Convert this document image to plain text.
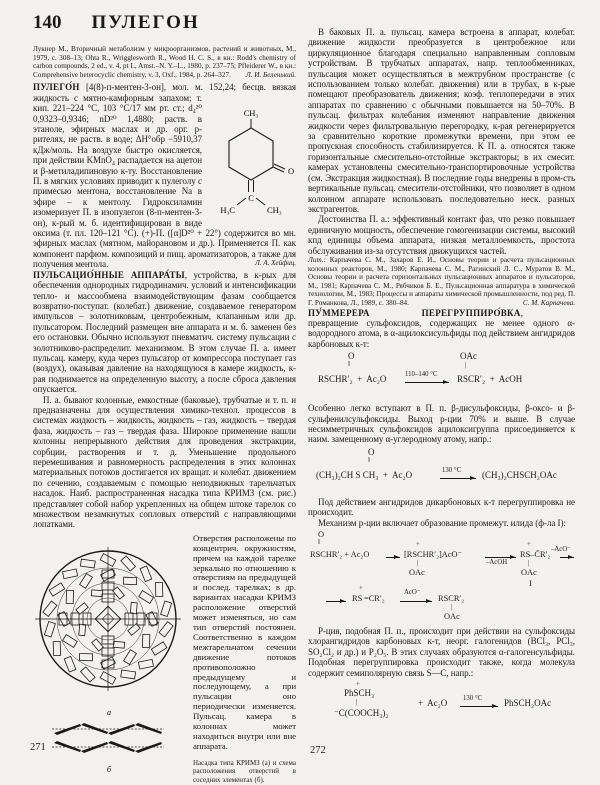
140 ПУЛЕГОН

Лукнер М., Вторичный метаболизм у микроорганизмов, растений и животных, М., 1979, с. 308–13; Ohta R., Wrigglesworth R., Wood H. C. S., в кн.: Rodd's chemistry of carbon compounds, 2 ed., v. 4, pt L, Amst.–N. Y.–L., 1980, p. 237–75; Pfleiderer W., в кн.: Comprehensive heterocyclic chemistry, v. 3, Oxf., 1984, p. 264–327. Л. И. Беленький.

ПУЛЕГО́Н [4(8)-п-ментен-3-он], мол. м. 152,24; бесцв. вязкая
CH₃
O
C
H₃C	CH₃
жидкость с мятно-камфорным запахом; т. кип. 221–224 °C, 103 °C/17 мм рт. ст.; d₄²⁰ 0,9323–0,9346; nD²⁰ 1,4880; раств. в этаноле, эфирных маслах и др. орг. р-рителях, не раств. в воде; ΔH°обр −5910,37 кДж/моль. На воздухе быстро окисляется, при действии KMnO₄ распадается на ацетон и β-метиладипиновую к-ту. Восстановление П. в мягких условиях приводит к пулеголу с примесью ментона, восстановление Na в эфире – к ментолу. Гидроксиламин изомеризует П. в изопулегон (8-п-ментен-3-он), к-рый м. б. идентифицирован в виде оксима (т. пл. 120–121 °C). (+)-П. ([α]D²⁰ + 22°) содержится во мн. эфирных маслах (мятном, майорановом и др.). Применяется П. как компонент парфюм. композиций и пищ. ароматизаторов, а также для получения ментола.	Л. А. Хейфиц.

ПУЛЬСАЦИО́ННЫЕ АППАРА́ТЫ, устройства, в к-рых для обеспечения однородных гидродинамич. условий и интенсификации тепло- и массообмена взаимодействующим фазам сообщается возвратно-поступат. (колебат.) движение, создаваемое генератором импульсов – золотниковым, центробежным, клапанным или др. пульсатором. Последний размещен вне аппарата и м. б. заменен без его остановки. Обычно используют пневматич. систему пульсации с золотниково-распределит. механизмом. В этом случае П. а. имеет пульсац. камеру, куда через пульсатор от компрессора поступает газ (воздух), оказывая давление на находящуюся в камере жидкость, к-рая поднимается на определенную высоту, а после сброса давления опускается.

П. а. бывают колонные, емкостные (баковые), трубчатые и т. п. и предназначены для осуществления химико-технол. процессов в системах жидкость – жидкость, жидкость – газ, жидкость – твердая фаза, жидкость – газ – твердая фаза. Широкое применение нашли колонны непрерывного действия для проведения экстракции, сорбции, растворения и т. д. Уменьшение продольного перемешивания и равномерность распределения в этих колоннах материальных потоков достигается их вращат. и колебат. движением по сечению, создаваемым с помощью неподвижных тарельчатых насадок. Наиб. распространенная насадка типа КРИМЗ (см. рис.) представляет собой набор укрепленных на общем штоке тарелок со множеством незамкнутых сопловых отверстий с направляющими лопатками.

а
б

Отверстия расположены по концентрич. окружностям, причем на каждой тарелке зеркально по отношению к отверстиям на предыдущей и послед. тарелках; в др. вариантах насадки КРИМЗ расположение отверстий может изменяться, но сам тип отверстий постоянен. Соответственно в каждом межтарельчатом сечении движение потоков противоположно предыдущему и последующему, а при пульсации оно периодически изменяется. Пульсац. камера в колоннах может находиться внутри или вне аппарата.

Насадка типа КРИМЗ (а) и схема расположения отверстий в соседних элементах (б).

В баковых П. а. пульсац. камера встроена в аппарат, колебат. движение жидкости преобразуется в центробежное или циркуляционное благодаря специально направленным сопловым устройствам. В трубчатых аппаратах, напр. теплообменниках, пульсация может осуществляться в межтрубном пространстве (с использованием только колебат. движения) или в трубах, в к-рые помещают преобразователь движения; коэф. теплопередачи в этих аппаратах по сравнению с обычными повышается на 50–70%. В пульсац. фильтрах колебания изменяют направление движения жидкости через фильтровальную перегородку, к-рая регенерируется за сравнительно короткие промежутки времени, при этом ее пропускная способность стабилизируется. К П. а. относятся также горизонтальные смесительно-отстойные экстракторы; в их смесит. камерах установлены смесительно-транспортировочные устройства (см. Экстракция жидкостная). В последние годы внедрены в пром-сть вертикальные пульсац. смесители-отстойники, что позволяет в одном колонном аппарате использовать последовательно неск. разных экстрагентов.

Достоинства П. а.: эффективный контакт фаз, что резко повышает единичную мощность, обеспечение гомогенизации системы, высокий кпд единицы объема аппарата, низкая металлоемкость, простота обслуживания из-за отсутствия движущихся частей.

Лит.: Карпачева С. М., Захаров Е. И., Основы теории и расчета пульсационных колонных реакторов, М., 1980; Карпачева С. М., Рагинский Л. С., Муратов В. М., Основы теории и расчета горизонтальных пульсационных аппаратов и пульсаторов, М., 1981; Карпачева С. М., Рябчиков Б. Е., Пульсационная аппаратура в химической технологии, М., 1983; Процессы и аппараты химической промышленности, под ред. П. Г. Романкова, Л., 1989, с. 380–84.	С. М. Карпачева.

ПУ́ММЕРЕРА ПЕРЕГРУППИРО́ВКА, превращение сульфоксидов, содержащих не менее одного α-водородного атома, в α-ацилоксисульфиды под действием ангидридов карбоновых к-т:

O
‖
RSCHR′₂  +  Ac₂O	110–140 °C
OAc
|
RSCR′₂  +  AcOH

Особенно легко вступают в П. п. β-дисульфоксиды, β-оксо- и β-сульфенилсульфоксиды. Выход р-ции 70% и выше. В случае несимметричных сульфоксидов ацилоксигруппа присоединяется к наим. замещенному α-углеродному атому, напр.:

O
‖
(CH₃)₂CH S CH₃  +  Ac₂O	130 °C → (CH₃)₂CHSCH₂OAc

Под действием ангидридов дикарбоновых к-т перегруппировка не происходит.

Механизм р-ции включает образование промежут. илида (ф-ла I):

O
‖
RSCHR′₂ + Ac₂O	[RSCHR′₂]AcO⁻
+
|
OAc
–AcOH
RS–C̄R′₂
+
|
OAc
I
–AcO⁻
→ RS
+
=CR′₂
AcO⁻
→ RSCR′₂
|
OAc

Р-ция, подобная П. п., происходит при действии на сульфоксиды хлорангидридов карбоновых к-т, неорг. галогенидов (BCl₃, PCl₃, SO₂Cl₂ и др.) и P₂O₅. В этих случаях образуются α-галогенсульфиды. Подобная перегруппировка происходит также, когда молекула содержит семиполярную связь S—C, напр.:

+
PhSCH₃
|
⁻C(COOCH₃)₂
+  Ac₂O 130 °C PhSCH₂OAc
271	272
